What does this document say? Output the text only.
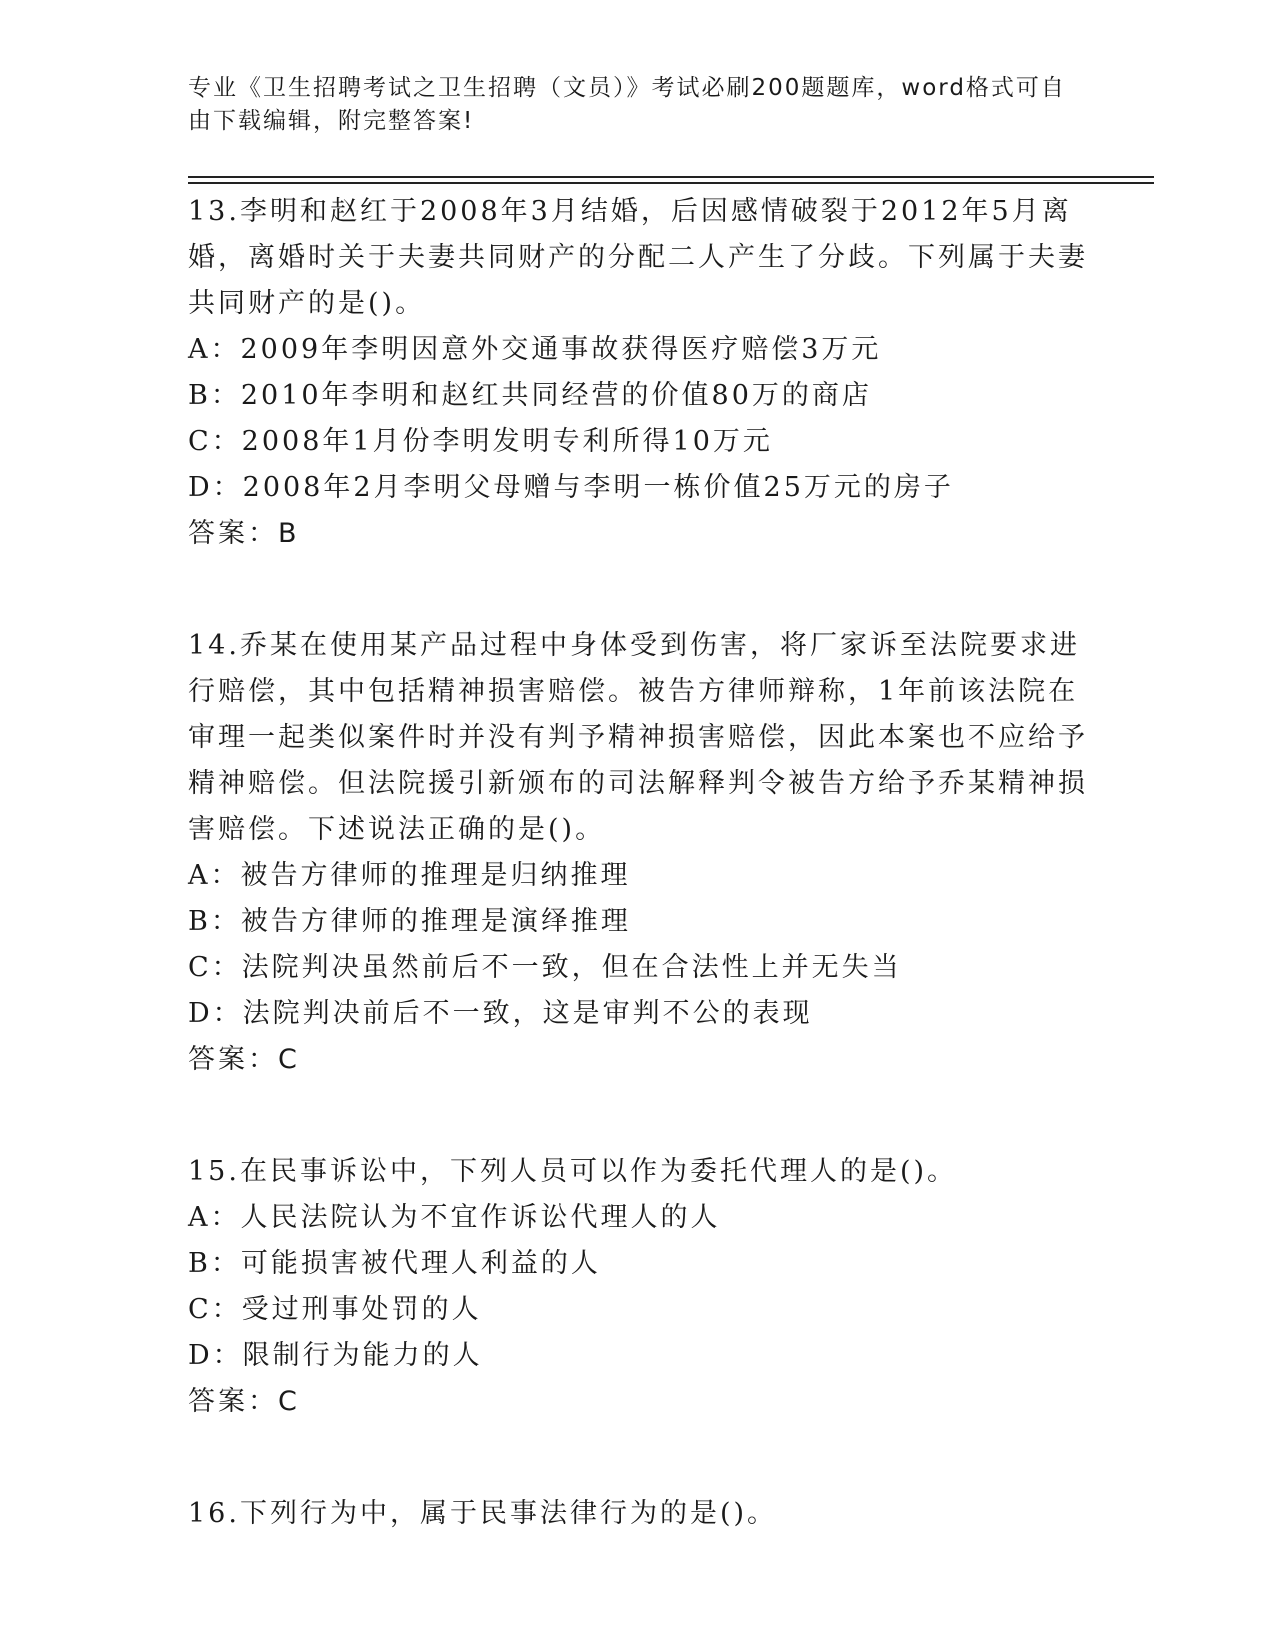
专业《卫生招聘考试之卫生招聘（文员）》考试必刷200题题库，word格式可自由下载编辑，附完整答案!

13.李明和赵红于2008年3月结婚，后因感情破裂于2012年5月离婚，离婚时关于夫妻共同财产的分配二人产生了分歧。下列属于夫妻共同财产的是()。

A：2009年李明因意外交通事故获得医疗赔偿3万元

B：2010年李明和赵红共同经营的价值80万的商店

C：2008年1月份李明发明专利所得10万元

D：2008年2月李明父母赠与李明一栋价值25万元的房子

答案：B

14.乔某在使用某产品过程中身体受到伤害，将厂家诉至法院要求进行赔偿，其中包括精神损害赔偿。被告方律师辩称，1年前该法院在审理一起类似案件时并没有判予精神损害赔偿，因此本案也不应给予精神赔偿。但法院援引新颁布的司法解释判令被告方给予乔某精神损害赔偿。下述说法正确的是()。

A：被告方律师的推理是归纳推理

B：被告方律师的推理是演绎推理

C：法院判决虽然前后不一致，但在合法性上并无失当

D：法院判决前后不一致，这是审判不公的表现

答案：C

15.在民事诉讼中，下列人员可以作为委托代理人的是()。

A：人民法院认为不宜作诉讼代理人的人

B：可能损害被代理人利益的人

C：受过刑事处罚的人

D：限制行为能力的人

答案：C

16.下列行为中，属于民事法律行为的是()。
